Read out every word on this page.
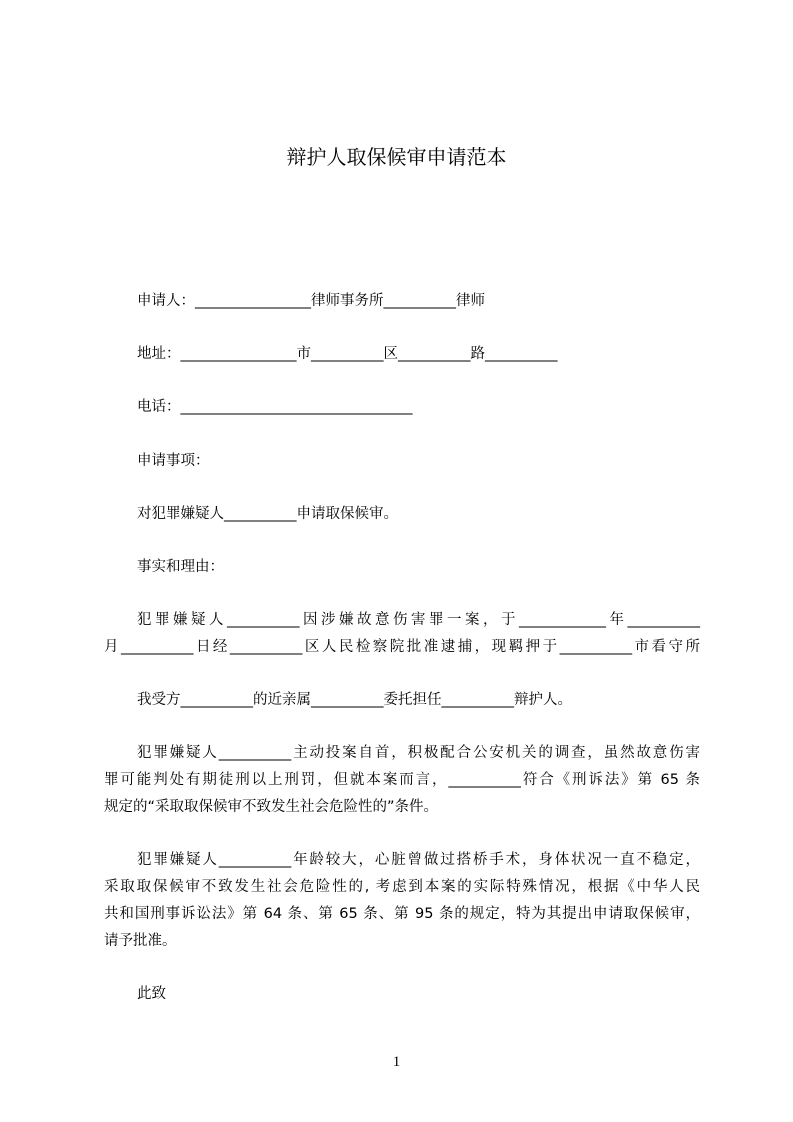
辩护人取保候审申请范本
申请人：________________律师事务所__________律师
地址：________________市__________区__________路__________
电话：________________________________
申请事项：
对犯罪嫌疑人__________申请取保候审。
事实和理由：
犯罪嫌疑人__________因涉嫌故意伤害罪一案，于____________年__________
月__________日经__________区人民检察院批准逮捕，现羁押于__________市看守所
我受方__________的近亲属__________委托担任__________辩护人。
犯罪嫌疑人__________主动投案自首，积极配合公安机关的调查，虽然故意伤害
罪可能判处有期徒刑以上刑罚，但就本案而言，__________符合《刑诉法》第 65 条
规定的“采取取保候审不致发生社会危险性的”条件。
犯罪嫌疑人__________年龄较大，心脏曾做过搭桥手术，身体状况一直不稳定，
采取取保候审不致发生社会危险性的, 考虑到本案的实际特殊情况，根据《中华人民
共和国刑事诉讼法》第 64 条、第 65 条、第 95 条的规定，特为其提出申请取保候审，
请予批准。
此致
1
